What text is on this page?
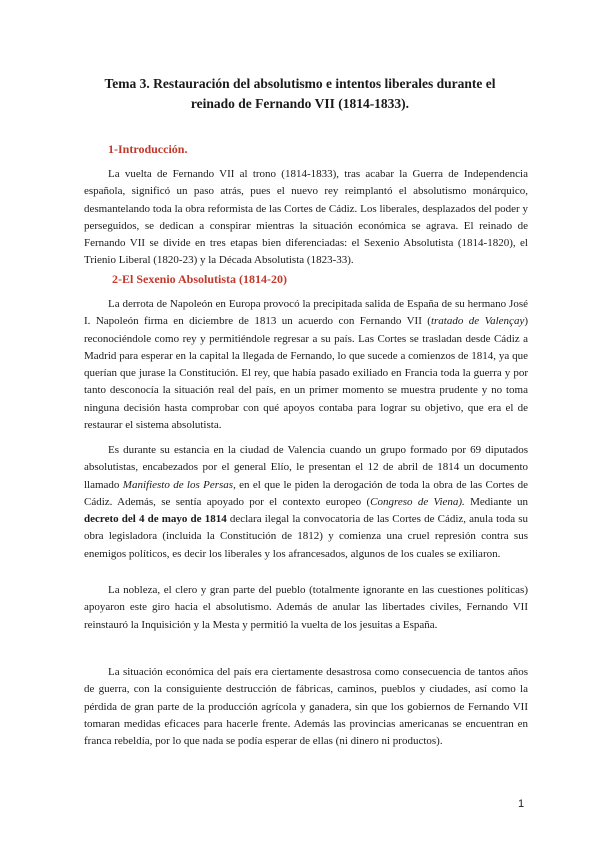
Tema 3. Restauración del absolutismo e intentos liberales durante el
reinado de Fernando VII (1814-1833).
1-Introducción.

La vuelta de Fernando VII al trono (1814-1833), tras acabar la Guerra de Independencia española, significó un paso atrás, pues el nuevo rey reimplantó el absolutismo monárquico, desmantelando toda la obra reformista de las Cortes de Cádiz. Los liberales, desplazados del poder y perseguidos, se dedican a conspirar mientras la situación económica se agrava. El reinado de Fernando VII se divide en tres etapas bien diferenciadas: el Sexenio Absolutista (1814-1820), el Trienio Liberal (1820-23) y la Década Absolutista (1823-33).

2-El Sexenio Absolutista (1814-20)

La derrota de Napoleón en Europa provocó la precipitada salida de España de su hermano José I. Napoleón firma en diciembre de 1813 un acuerdo con Fernando VII (tratado de Valençay) reconociéndole como rey y permitiéndole regresar a su país. Las Cortes se trasladan desde Cádiz a Madrid para esperar en la capital la llegada de Fernando, lo que sucede a comienzos de 1814, ya que querían que jurase la Constitución. El rey, que había pasado exiliado en Francia toda la guerra y por tanto desconocía la situación real del país, en un primer momento se muestra prudente y no toma ninguna decisión hasta comprobar con qué apoyos contaba para lograr su objetivo, que era el de restaurar el sistema absolutista.

Es durante su estancia en la ciudad de Valencia cuando un grupo formado por 69 diputados absolutistas, encabezados por el general Elío, le presentan el 12 de abril de 1814 un documento llamado Manifiesto de los Persas, en el que le piden la derogación de toda la obra de las Cortes de Cádiz. Además, se sentía apoyado por el contexto europeo (Congreso de Viena). Mediante un decreto del 4 de mayo de 1814 declara ilegal la convocatoria de las Cortes de Cádiz, anula toda su obra legisladora (incluida la Constitución de 1812) y comienza una cruel represión contra sus enemigos políticos, es decir los liberales y los afrancesados, algunos de los cuales se exiliaron.

La nobleza, el clero y gran parte del pueblo (totalmente ignorante en las cuestiones políticas) apoyaron este giro hacia el absolutismo. Además de anular las libertades civiles, Fernando VII reinstauró la Inquisición y la Mesta y permitió la vuelta de los jesuitas a España.

La situación económica del país era ciertamente desastrosa como consecuencia de tantos años de guerra, con la consiguiente destrucción de fábricas, caminos, pueblos y ciudades, así como la pérdida de gran parte de la producción agrícola y ganadera, sin que los gobiernos de Fernando VII tomaran medidas eficaces para hacerle frente. Además las provincias americanas se encuentran en franca rebeldía, por lo que nada se podía esperar de ellas (ni dinero ni productos).

1
